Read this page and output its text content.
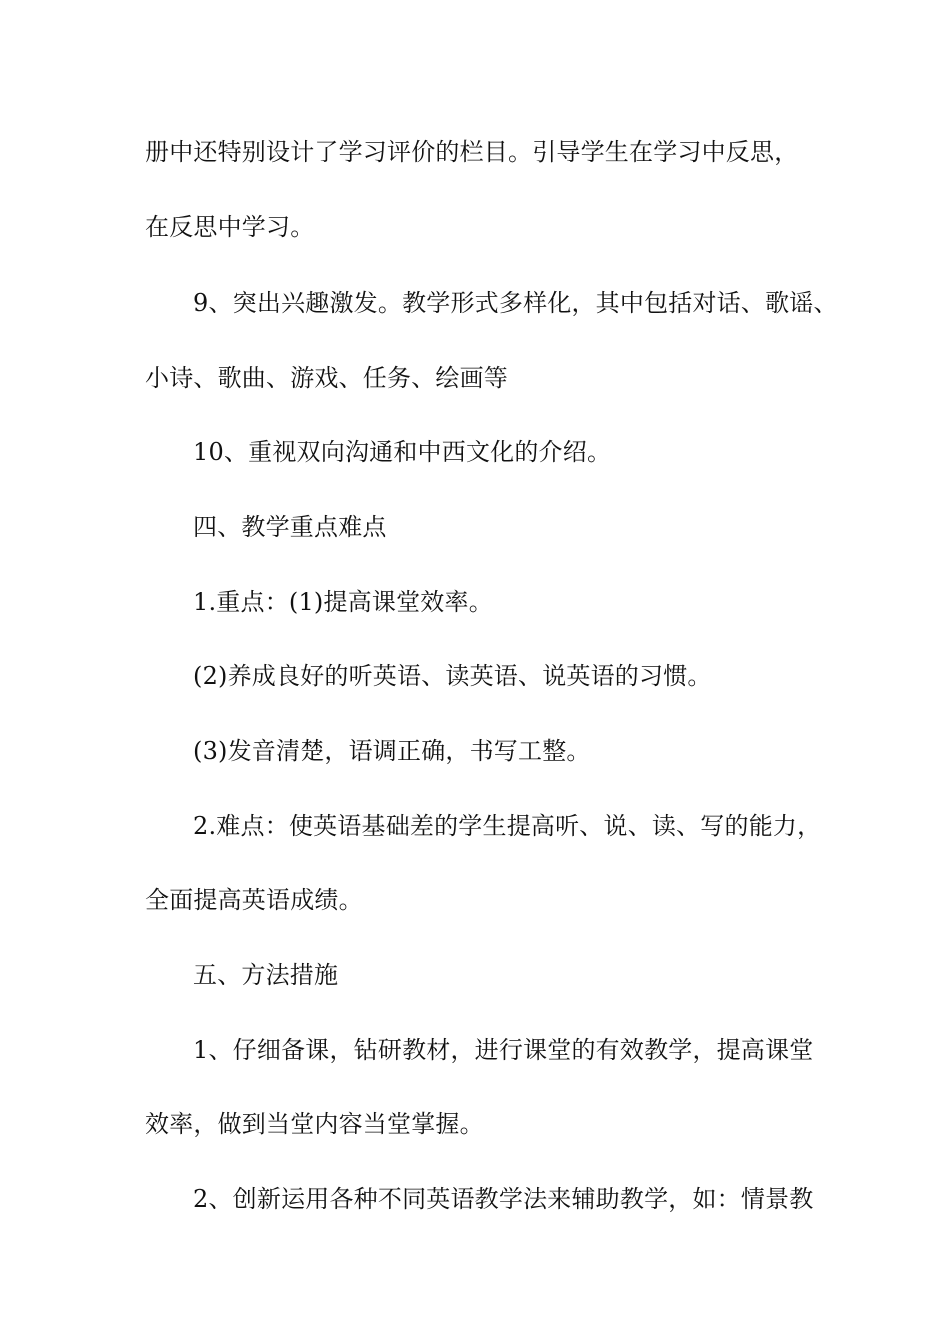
册中还特别设计了学习评价的栏目。引导学生在学习中反思，
在反思中学习。
9、突出兴趣激发。教学形式多样化，其中包括对话、歌谣、
小诗、歌曲、游戏、任务、绘画等
10、重视双向沟通和中西文化的介绍。
四、教学重点难点
1.重点：(1)提高课堂效率。
(2)养成良好的听英语、读英语、说英语的习惯。
(3)发音清楚，语调正确，书写工整。
2.难点：使英语基础差的学生提高听、说、读、写的能力，
全面提高英语成绩。
五、方法措施
1、仔细备课，钻研教材，进行课堂的有效教学，提高课堂
效率，做到当堂内容当堂掌握。
2、创新运用各种不同英语教学法来辅助教学，如：情景教
